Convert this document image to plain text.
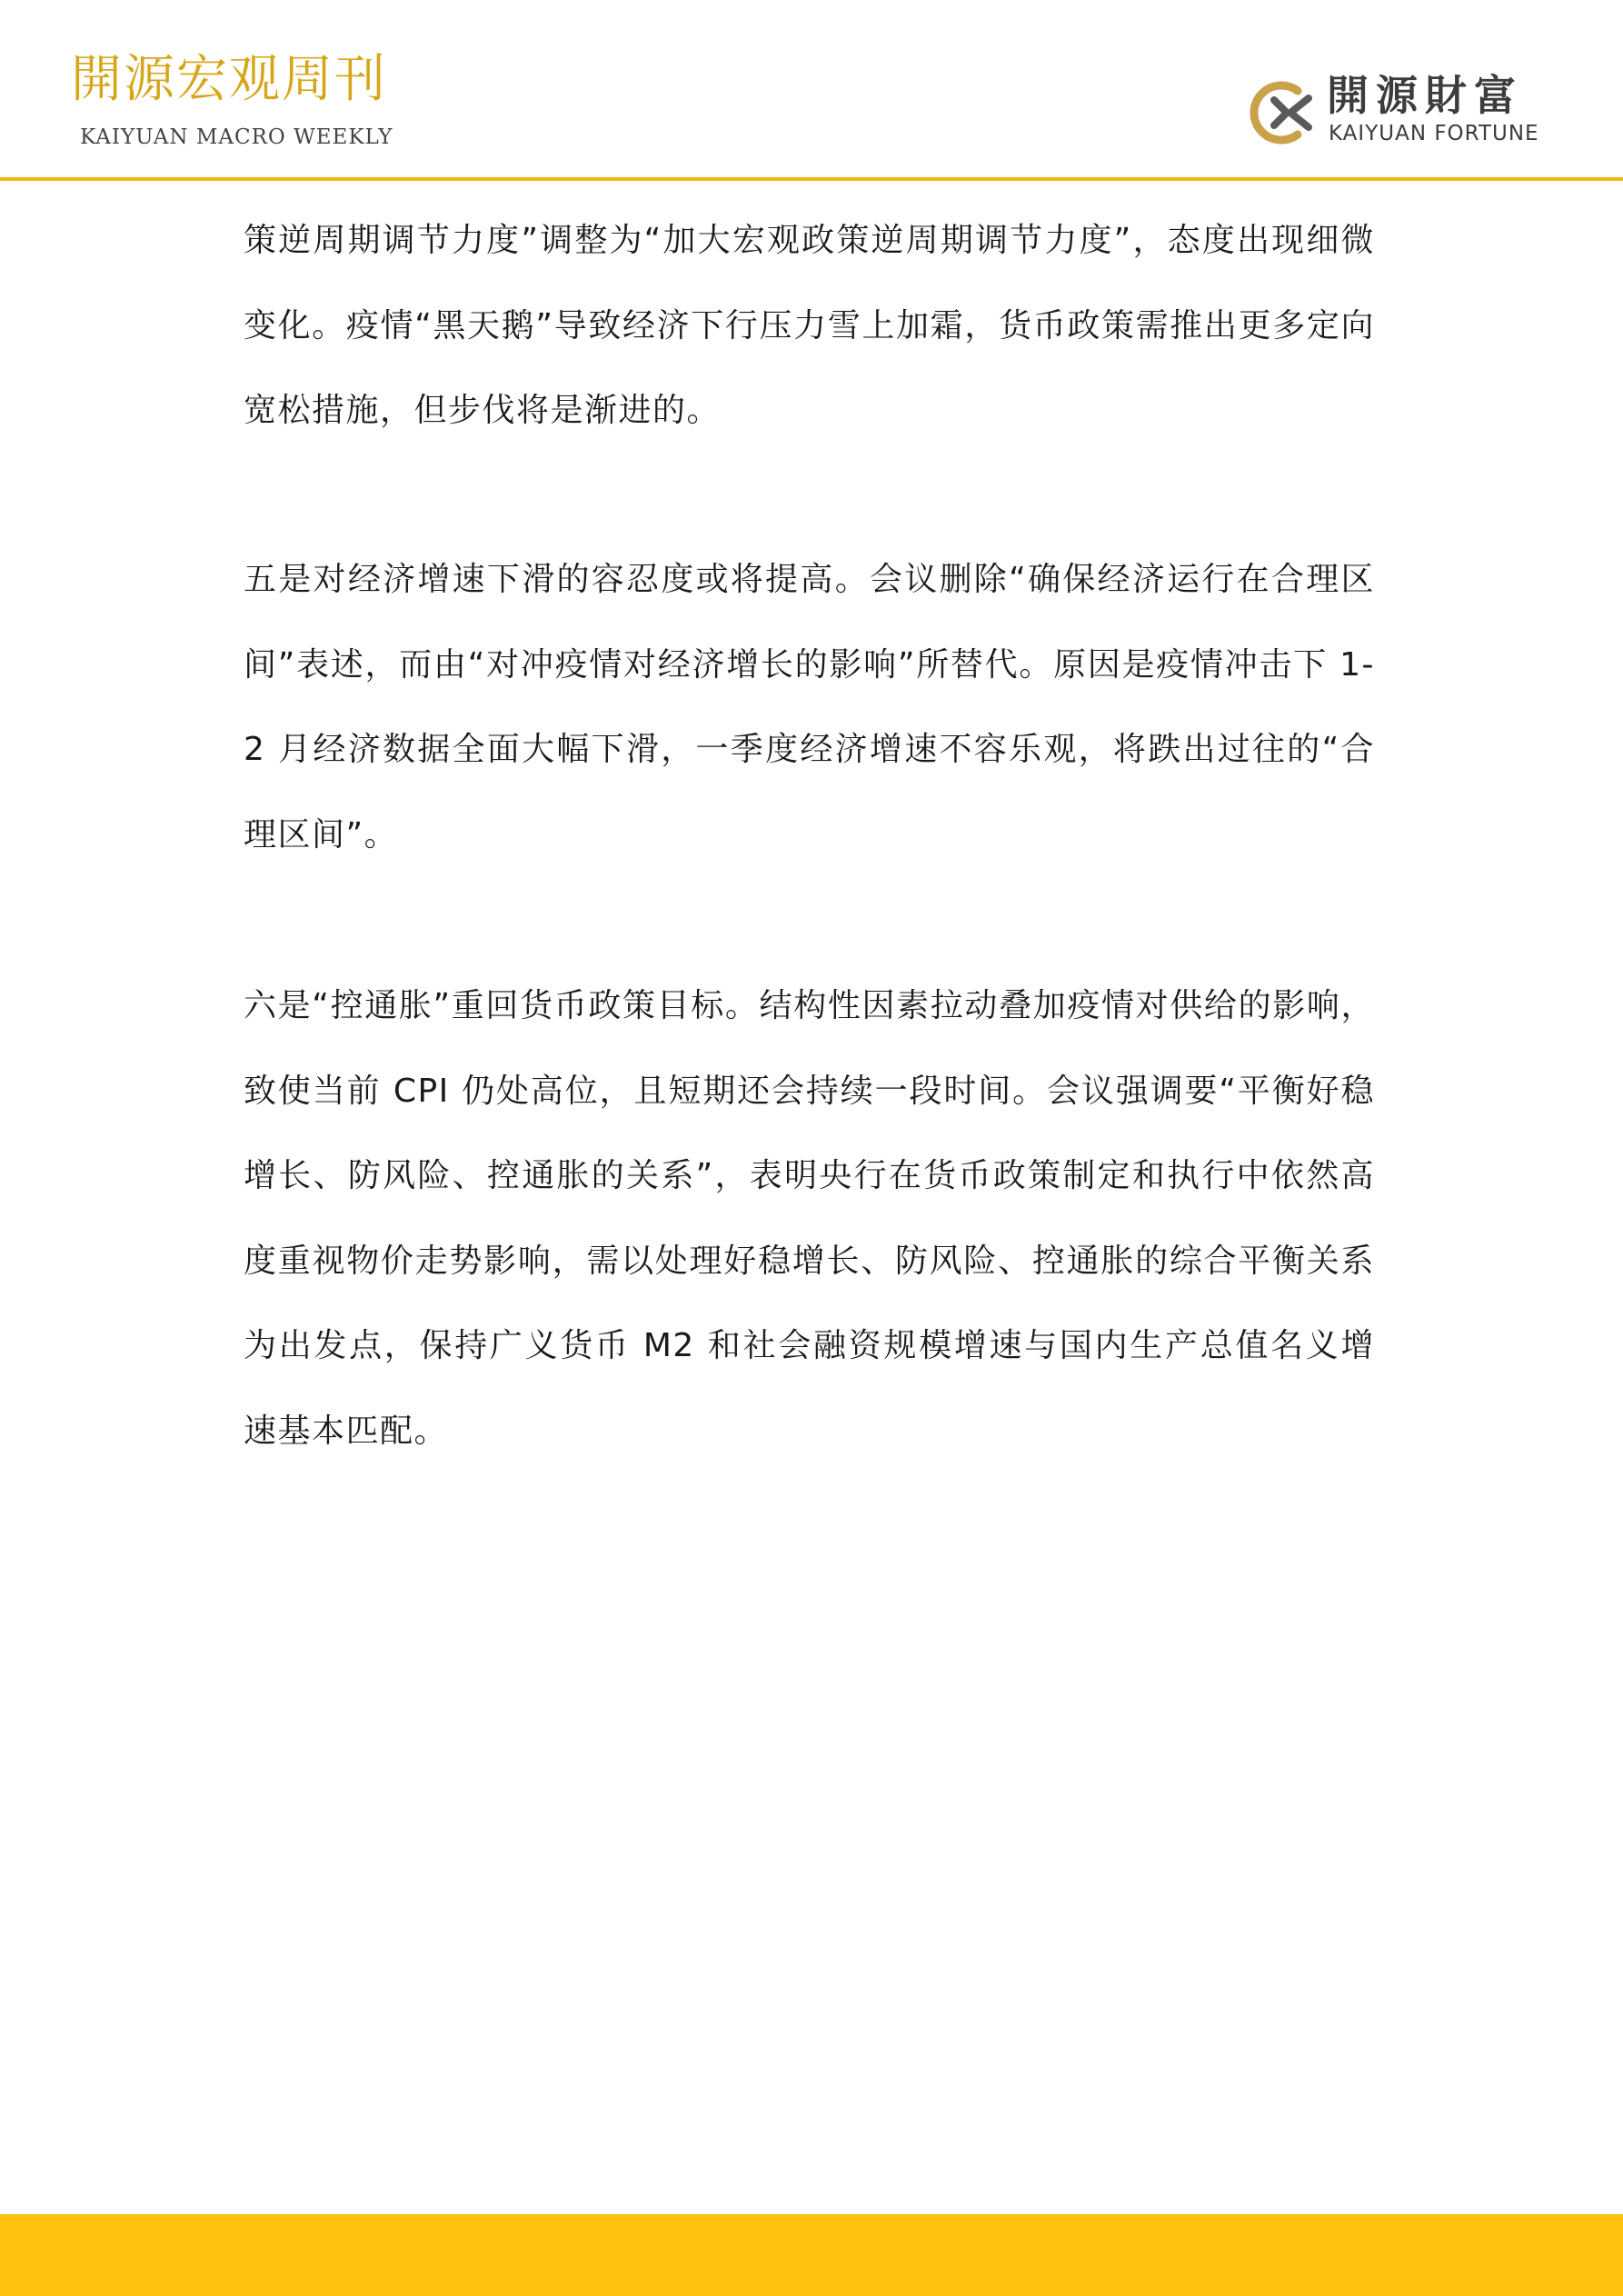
開源宏观周刊
KAIYUAN MACRO WEEKLY
開源財富
KAIYUAN FORTUNE

策逆周期调节力度”调整为“加大宏观政策逆周期调节力度”，态度出现细微变化。疫情“黑天鹅”导致经济下行压力雪上加霜，货币政策需推出更多定向宽松措施，但步伐将是渐进的。

五是对经济增速下滑的容忍度或将提高。会议删除“确保经济运行在合理区间”表述，而由“对冲疫情对经济增长的影响”所替代。原因是疫情冲击下 1-2 月经济数据全面大幅下滑，一季度经济增速不容乐观，将跌出过往的“合理区间”。

六是“控通胀”重回货币政策目标。结构性因素拉动叠加疫情对供给的影响，致使当前 CPI 仍处高位，且短期还会持续一段时间。会议强调要“平衡好稳增长、防风险、控通胀的关系”，表明央行在货币政策制定和执行中依然高度重视物价走势影响，需以处理好稳增长、防风险、控通胀的综合平衡关系为出发点，保持广义货币 M2 和社会融资规模增速与国内生产总值名义增速基本匹配。
